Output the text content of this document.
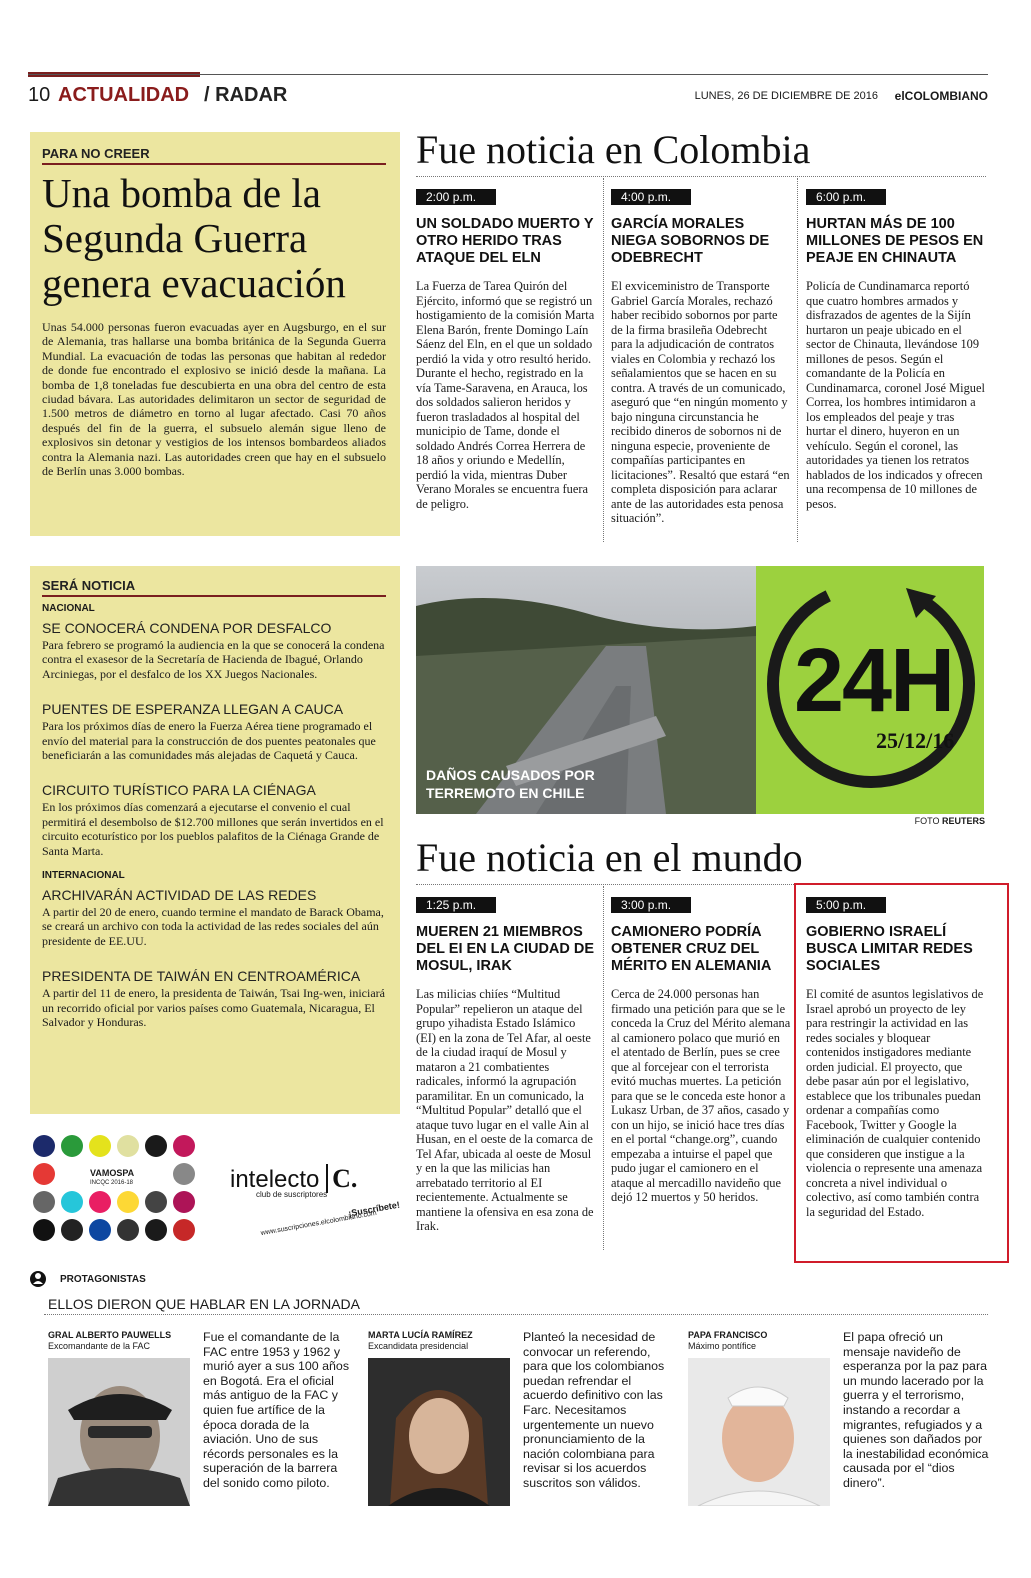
10 ACTUALIDAD / RADAR	LUNES, 26 DE DICIEMBRE DE 2016 elCOLOMBIANO
PARA NO CREER
Una bomba de la Segunda Guerra genera evacuación
Unas 54.000 personas fueron evacuadas ayer en Augsburgo, en el sur de Alemania, tras hallarse una bomba británica de la Segunda Guerra Mundial. La evacuación de todas las personas que habitan al rededor de donde fue encontrado el explosivo se inició desde la mañana. La bomba de 1,8 toneladas fue descubierta en una obra del centro de esta ciudad bávara. Las autoridades delimitaron un sector de seguridad de 1.500 metros de diámetro en torno al lugar afectado. Casi 70 años después del fin de la guerra, el subsuelo alemán sigue lleno de explosivos sin detonar y vestigios de los intensos bombardeos aliados contra la Alemania nazi. Las autoridades creen que hay en el subsuelo de Berlín unas 3.000 bombas.
Fue noticia en Colombia
2:00 p.m.
UN SOLDADO MUERTO Y OTRO HERIDO TRAS ATAQUE DEL ELN
La Fuerza de Tarea Quirón del Ejército, informó que se registró un hostigamiento de la comisión Marta Elena Barón, frente Domingo Laín Sáenz del Eln, en el que un soldado perdió la vida y otro resultó herido. Durante el hecho, registrado en la vía Tame-Saravena, en Arauca, los dos soldados salieron heridos y fueron trasladados al hospital del municipio de Tame, donde el soldado Andrés Correa Herrera de 18 años y oriundo e Medellín, perdió la vida, mientras Duber Verano Morales se encuentra fuera de peligro.
4:00 p.m.
GARCÍA MORALES NIEGA SOBORNOS DE ODEBRECHT
El exviceministro de Transporte Gabriel García Morales, rechazó haber recibido sobornos por parte de la firma brasileña Odebrecht para la adjudicación de contratos viales en Colombia y rechazó los señalamientos que se hacen en su contra. A través de un comunicado, aseguró que “en ningún momento y bajo ninguna circunstancia he recibido dineros de sobornos ni de ninguna especie, proveniente de compañías participantes en licitaciones”. Resaltó que estará “en completa disposición para aclarar ante de las autoridades esta penosa situación”.
6:00 p.m.
HURTAN MÁS DE 100 MILLONES DE PESOS EN PEAJE EN CHINAUTA
Policía de Cundinamarca reportó que cuatro hombres armados y disfrazados de agentes de la Sijín hurtaron un peaje ubicado en el sector de Chinauta, llevándose 109 millones de pesos. Según el comandante de la Policía en Cundinamarca, coronel José Miguel Correa, los hombres intimidaron a los empleados del peaje y tras hurtar el dinero, huyeron en un vehículo. Según el coronel, las autoridades ya tienen los retratos hablados de los indicados y ofrecen una recompensa de 10 millones de pesos.
SERÁ NOTICIA
NACIONAL
SE CONOCERÁ CONDENA POR DESFALCO
Para febrero se programó la audiencia en la que se conocerá la condena contra el exasesor de la Secretaría de Hacienda de Ibagué, Orlando Arciniegas, por el desfalco de los XX Juegos Nacionales.
PUENTES DE ESPERANZA LLEGAN A CAUCA
Para los próximos días de enero la Fuerza Aérea tiene programado el envío del material para la construcción de dos puentes peatonales que beneficiarán a las comunidades más alejadas de Caquetá y Cauca.
CIRCUITO TURÍSTICO PARA LA CIÉNAGA
En los próximos días comenzará a ejecutarse el convenio el cual permitirá el desembolso de $12.700 millones que serán invertidos en el circuito ecoturístico por los pueblos palafitos de la Ciénaga Grande de Santa Marta.
INTERNACIONAL
ARCHIVARÁN ACTIVIDAD DE LAS REDES
A partir del 20 de enero, cuando termine el mandato de Barack Obama, se creará un archivo con toda la actividad de las redes sociales del aún presidente de EE.UU.
PRESIDENTA DE TAIWÁN EN CENTROAMÉRICA
A partir del 11 de enero, la presidenta de Taiwán, Tsai Ing-wen, iniciará un recorrido oficial por varios países como Guatemala, Nicaragua, El Salvador y Honduras.
24H
25/12/16
DAÑOS CAUSADOS POR
TERREMOTO EN CHILE
FOTO REUTERS
Fue noticia en el mundo
1:25 p.m.
MUEREN 21 MIEMBROS DEL EI EN LA CIUDAD DE MOSUL, IRAK
Las milicias chiíes “Multitud Popular” repelieron un ataque del grupo yihadista Estado Islámico (EI) en la zona de Tel Afar, al oeste de la ciudad iraquí de Mosul y mataron a 21 combatientes radicales, informó la agrupación paramilitar. En un comunicado, la “Multitud Popular” detalló que el ataque tuvo lugar en el valle Ain al Husan, en el oeste de la comarca de Tel Afar, ubicada al oeste de Mosul y en la que las milicias han arrebatado territorio al EI recientemente. Actualmente se mantiene la ofensiva en esa zona de Irak.
3:00 p.m.
CAMIONERO PODRÍA OBTENER CRUZ DEL MÉRITO EN ALEMANIA
Cerca de 24.000 personas han firmado una petición para que se le conceda la Cruz del Mérito alemana al camionero polaco que murió en el atentado de Berlín, pues se cree que al forcejear con el terrorista evitó muchas muertes. La petición para que se le conceda este honor a Lukasz Urban, de 37 años, casado y con un hijo, se inició hace tres días en el portal “change.org”, cuando empezaba a intuirse el papel que pudo jugar el camionero en el ataque al mercadillo navideño que dejó 12 muertos y 50 heridos.
5:00 p.m.
GOBIERNO ISRAELÍ BUSCA LIMITAR REDES SOCIALES
El comité de asuntos legislativos de Israel aprobó un proyecto de ley para restringir la actividad en las redes sociales y bloquear contenidos instigadores mediante orden judicial. El proyecto, que debe pasar aún por el legislativo, establece que los tribunales puedan ordenar a compañías como Facebook, Twitter y Google la eliminación de cualquier contenido que consideren que instigue a la violencia o represente una amenaza concreta a nivel individual o colectivo, así como también contra la seguridad del Estado.
VAMOSPA
INCQC 2016-18	intelecto C.
club de suscriptores
¡Suscríbete!
www.suscripciones.elcolombiano.com
PROTAGONISTAS
ELLOS DIERON QUE HABLAR EN LA JORNADA
GRAL ALBERTO PAUWELLS
Excomandante de la FAC
Fue el comandante de la FAC entre 1953 y 1962 y murió ayer a sus 100 años en Bogotá. Era el oficial más antiguo de la FAC y quien fue artífice de la época dorada de la aviación. Uno de sus récords personales es la superación de la barrera del sonido como piloto.
MARTA LUCÍA RAMÍREZ
Excandidata presidencial
Planteó la necesidad de convocar un referendo, para que los colombianos puedan refrendar el acuerdo definitivo con las Farc. Necesitamos urgentemente un nuevo pronunciamiento de la nación colombiana para revisar si los acuerdos suscritos son válidos.
PAPA FRANCISCO
Máximo pontífice
El papa ofreció un mensaje navideño de esperanza por la paz para un mundo lacerado por la guerra y el terrorismo, instando a recordar a migrantes, refugiados y a quienes son dañados por la inestabilidad económica causada por el “dios dinero”.
